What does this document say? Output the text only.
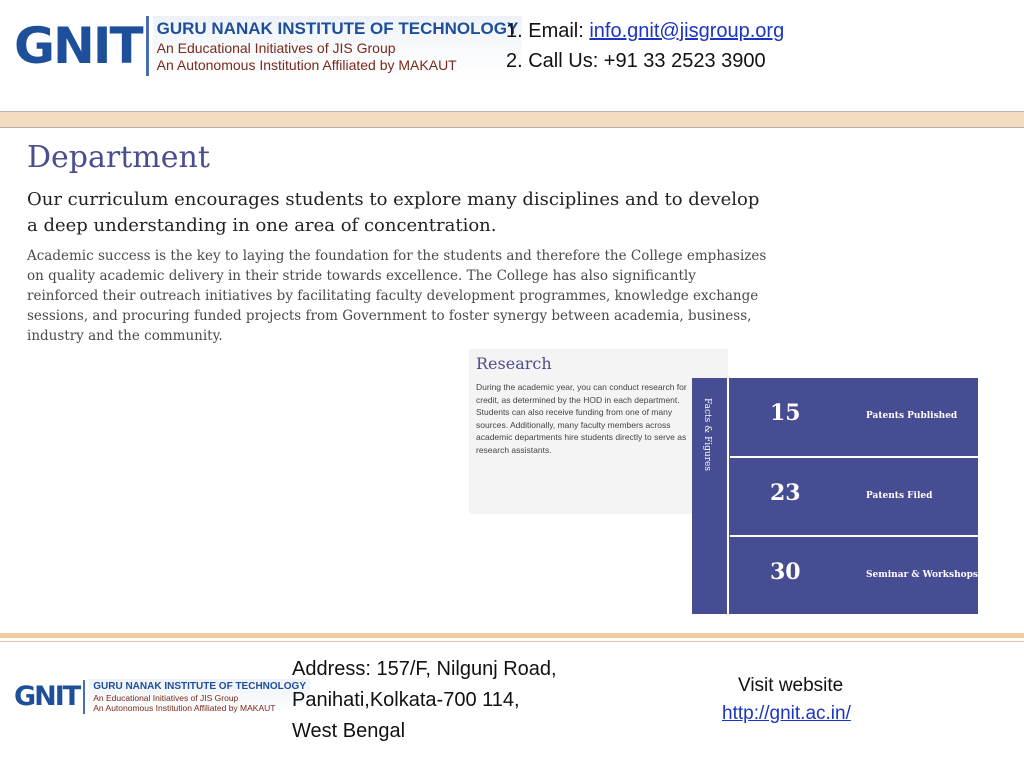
GNIT GURU NANAK INSTITUTE OF TECHNOLOGY
An Educational Initiatives of JIS Group
An Autonomous Institution Affiliated by MAKAUT
1. Email: info.gnit@jisgroup.org
2. Call Us: +91 33 2523 3900
Department
Our curriculum encourages students to explore many disciplines and to develop a deep understanding in one area of concentration.
Academic success is the key to laying the foundation for the students and therefore the College emphasizes on quality academic delivery in their stride towards excellence. The College has also significantly reinforced their outreach initiatives by facilitating faculty development programmes, knowledge exchange sessions, and procuring funded projects from Government to foster synergy between academia, business, industry and the community.
Research
During the academic year, you can conduct research for credit, as determined by the HOD in each department. Students can also receive funding from one of many sources. Additionally, many faculty members across academic departments hire students directly to serve as research assistants.	Facts & Figures	15	Patents Published
23	Patents Filed
30	Seminar & Workshops
GNIT GURU NANAK INSTITUTE OF TECHNOLOGY
An Educational Initiatives of JIS Group
An Autonomous Institution Affiliated by MAKAUT
Address: 157/F, Nilgunj Road,
Panihati,Kolkata-700 114,
West Bengal
Visit website
http://gnit.ac.in/
